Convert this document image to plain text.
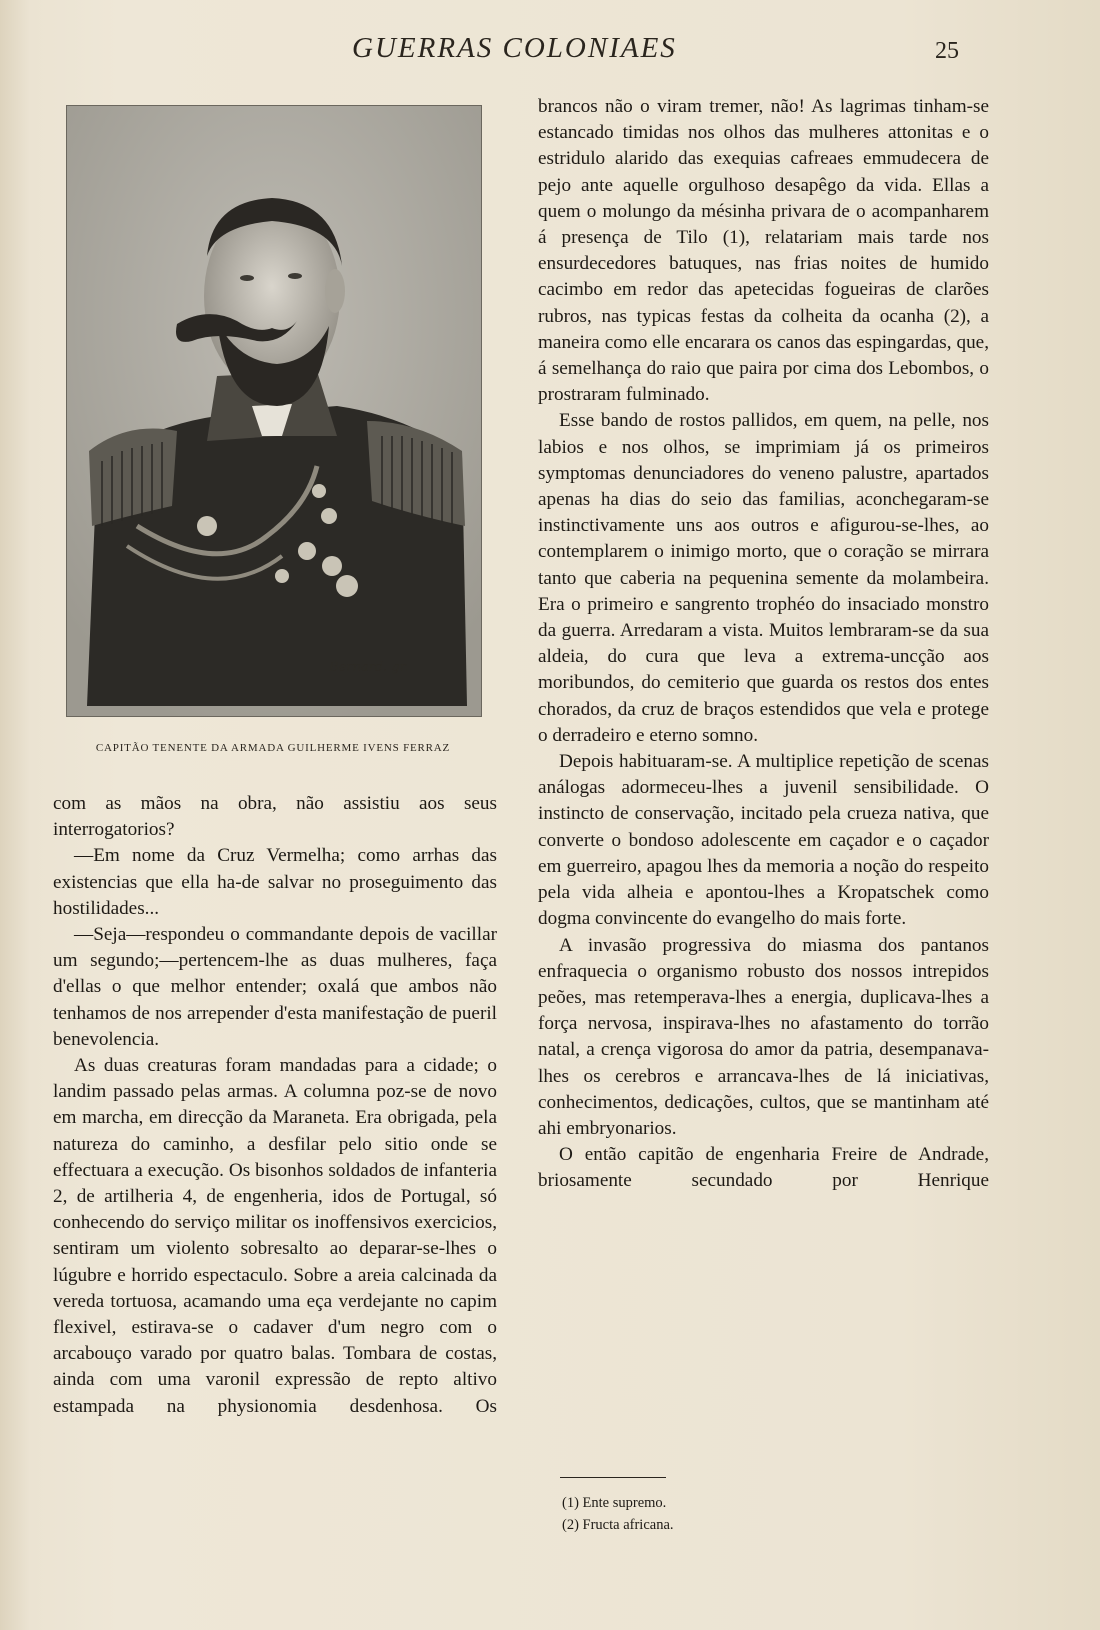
GUERRAS COLONIAES	25
Bernard. gr.
CAPITÃO TENENTE DA ARMADA GUILHERME IVENS FERRAZ

com as mãos na obra, não assistiu aos seus interrogatorios?

—Em nome da Cruz Vermelha; como arrhas das existencias que ella ha-de salvar no proseguimento das hostilidades...

—Seja—respondeu o commandante depois de vacillar um segundo;—pertencem-lhe as duas mulheres, faça d'ellas o que melhor entender; oxalá que ambos não tenhamos de nos arrepender d'esta manifestação de pueril benevolencia.

As duas creaturas foram mandadas para a cidade; o landim passado pelas armas. A columna poz-se de novo em marcha, em direcção da Maraneta. Era obrigada, pela natureza do caminho, a desfilar pelo sitio onde se effectuara a execução. Os bisonhos soldados de infanteria 2, de artilheria 4, de engenheria, idos de Portugal, só conhecendo do serviço militar os inoffensivos exercicios, sentiram um violento sobresalto ao deparar-se-lhes o lúgubre e horrido espectaculo. Sobre a areia calcinada da vereda tortuosa, acamando uma eça verdejante no capim flexivel, estirava-se o cadaver d'um negro com o arcabouço varado por quatro balas. Tombara de costas, ainda com uma varonil expressão de repto altivo estampada na physionomia desdenhosa. Os

brancos não o viram tremer, não! As lagrimas tinham-se estancado timidas nos olhos das mulheres attonitas e o estridulo alarido das exequias cafreaes emmudecera de pejo ante aquelle orgulhoso desapêgo da vida. Ellas a quem o molungo da mésinha privara de o acompanharem á presença de Tilo (1), relatariam mais tarde nos ensurdecedores batuques, nas frias noites de humido cacimbo em redor das apetecidas fogueiras de clarões rubros, nas typicas festas da colheita da ocanha (2), a maneira como elle encarara os canos das espingardas, que, á semelhança do raio que paira por cima dos Lebombos, o prostraram fulminado.

Esse bando de rostos pallidos, em quem, na pelle, nos labios e nos olhos, se imprimiam já os primeiros symptomas denunciadores do veneno palustre, apartados apenas ha dias do seio das familias, aconchegaram-se instinctivamente uns aos outros e afigurou-se-lhes, ao contemplarem o inimigo morto, que o coração se mirrara tanto que caberia na pequenina semente da molambeira. Era o primeiro e sangrento trophéo do insaciado monstro da guerra. Arredaram a vista. Muitos lembraram-se da sua aldeia, do cura que leva a extrema-uncção aos moribundos, do cemiterio que guarda os restos dos entes chorados, da cruz de braços estendidos que vela e protege o derradeiro e eterno somno.

Depois habituaram-se. A multiplice repetição de scenas análogas adormeceu-lhes a juvenil sensibilidade. O instincto de conservação, incitado pela crueza nativa, que converte o bondoso adolescente em caçador e o caçador em guerreiro, apagou lhes da memoria a noção do respeito pela vida alheia e apontou-lhes a Kropatschek como dogma convincente do evangelho do mais forte.

A invasão progressiva do miasma dos pantanos enfraquecia o organismo robusto dos nossos intrepidos peões, mas retemperava-lhes a energia, duplicava-lhes a força nervosa, inspirava-lhes no afastamento do torrão natal, a crença vigorosa do amor da patria, desempanava-lhes os cerebros e arrancava-lhes de lá iniciativas, conhecimentos, dedicações, cultos, que se mantinham até ahi embryonarios.

O então capitão de engenharia Freire de Andrade, briosamente secundado por Henrique

(1) Ente supremo.
(2) Fructa africana.
